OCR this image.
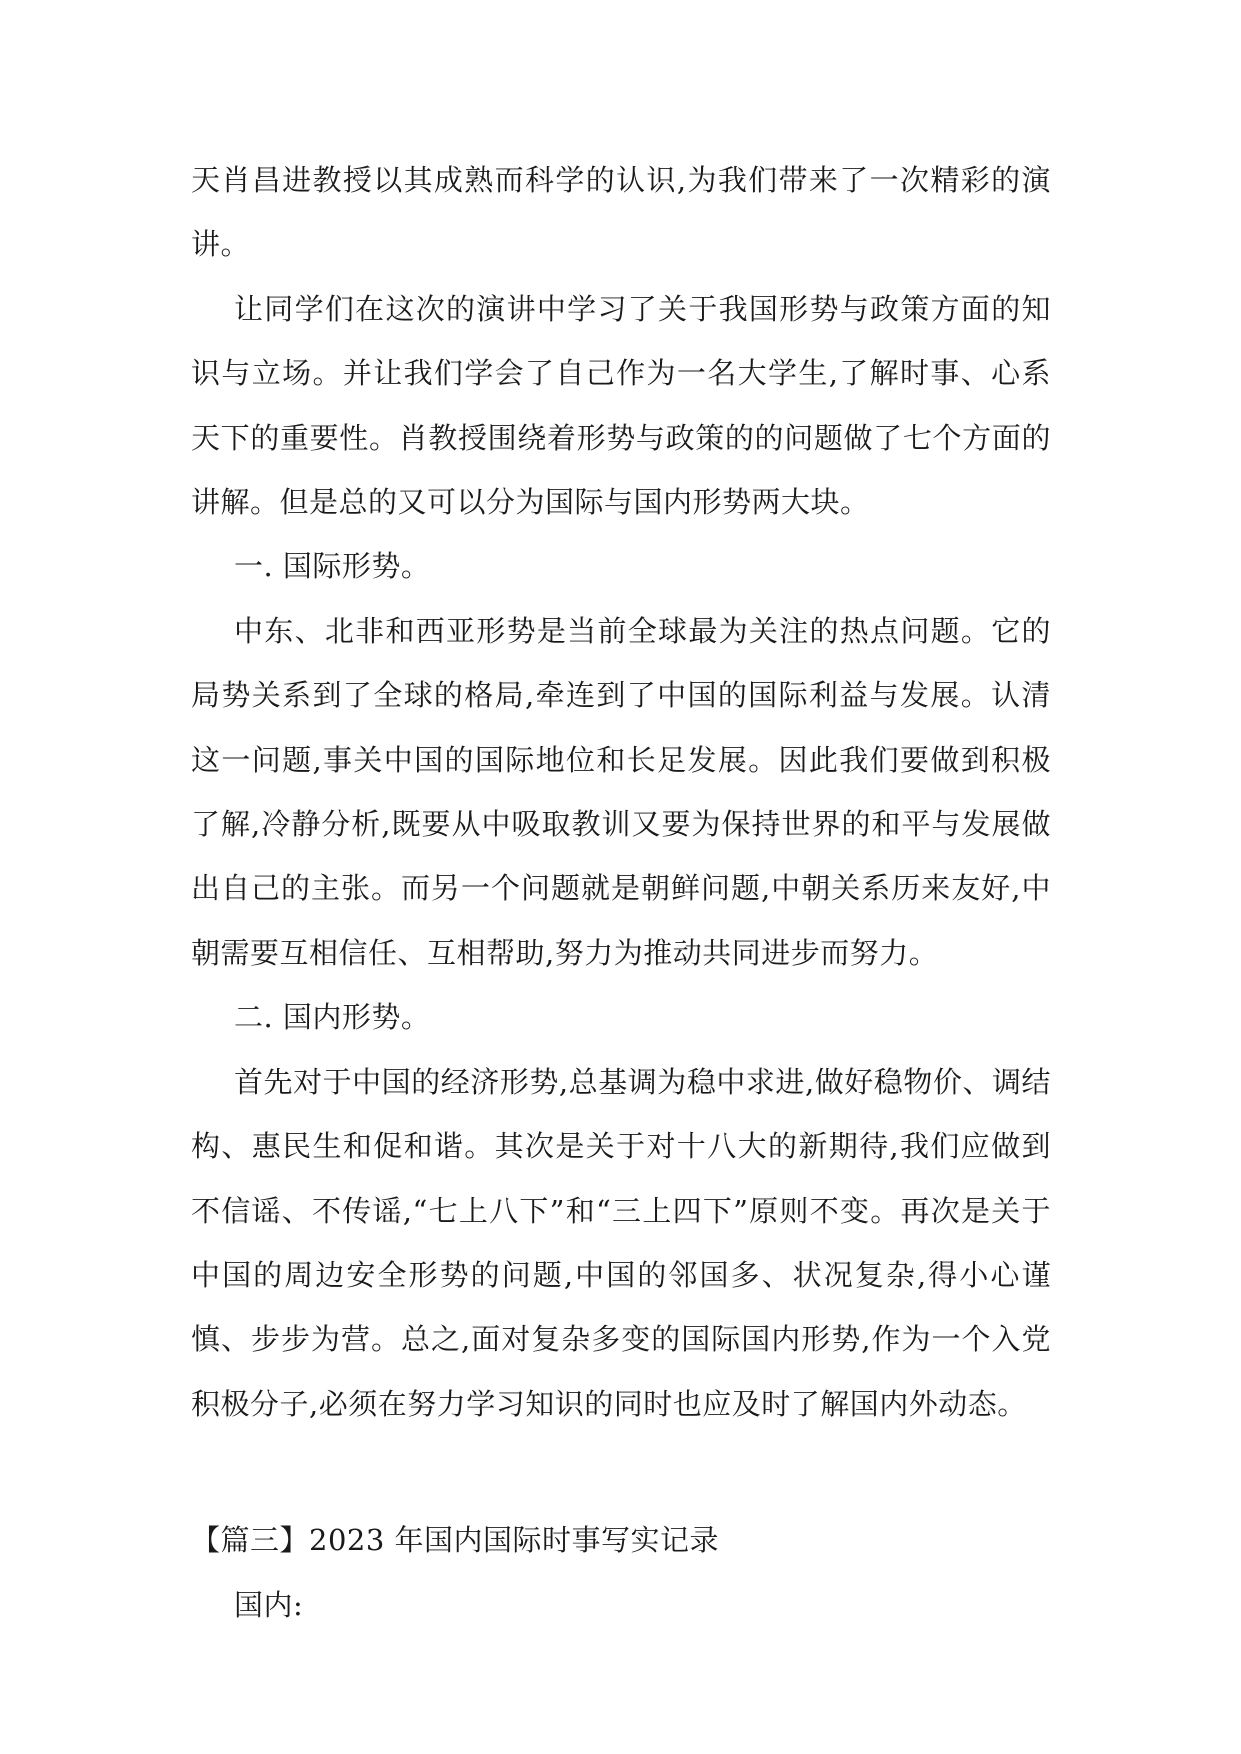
天肖昌进教授以其成熟而科学的认识,为我们带来了一次精彩的演讲。

让同学们在这次的演讲中学习了关于我国形势与政策方面的知识与立场。并让我们学会了自己作为一名大学生,了解时事、心系天下的重要性。肖教授围绕着形势与政策的的问题做了七个方面的讲解。但是总的又可以分为国际与国内形势两大块。

一. 国际形势。

中东、北非和西亚形势是当前全球最为关注的热点问题。它的局势关系到了全球的格局,牵连到了中国的国际利益与发展。认清这一问题,事关中国的国际地位和长足发展。因此我们要做到积极了解,冷静分析,既要从中吸取教训又要为保持世界的和平与发展做出自己的主张。而另一个问题就是朝鲜问题,中朝关系历来友好,中朝需要互相信任、互相帮助,努力为推动共同进步而努力。

二. 国内形势。

首先对于中国的经济形势,总基调为稳中求进,做好稳物价、调结构、惠民生和促和谐。其次是关于对十八大的新期待,我们应做到不信谣、不传谣,“七上八下”和“三上四下”原则不变。再次是关于中国的周边安全形势的问题,中国的邻国多、状况复杂,得小心谨慎、步步为营。总之,面对复杂多变的国际国内形势,作为一个入党积极分子,必须在努力学习知识的同时也应及时了解国内外动态。

【篇三】2023 年国内国际时事写实记录

国内:
